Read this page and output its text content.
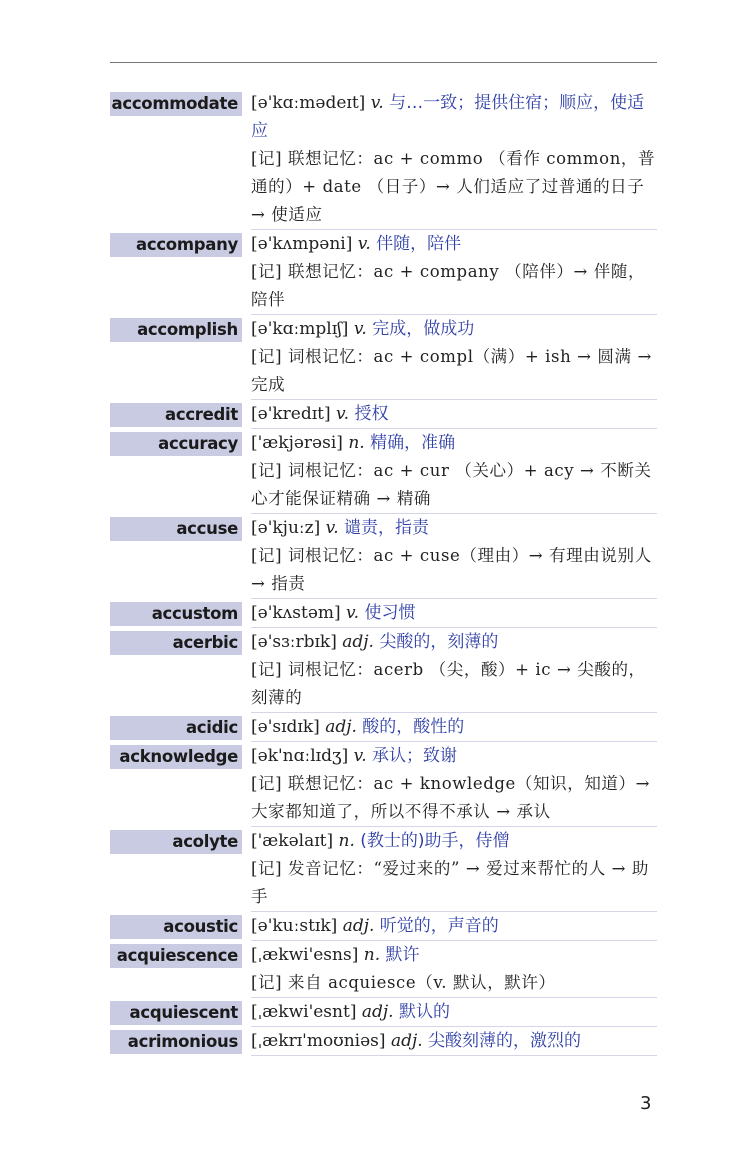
accommodate [ə'kɑːmədeɪt] v. 与…一致；提供住宿；顺应，使适应
[记] 联想记忆：ac + commo （看作 common，普通的）+ date （日子）→ 人们适应了过普通的日子 → 使适应
accompany [ə'kʌmpəni] v. 伴随，陪伴
[记] 联想记忆：ac + company （陪伴）→ 伴随，陪伴
accomplish [ə'kɑːmplɪʃ] v. 完成，做成功
[记] 词根记忆：ac + compl（满）+ ish → 圆满 → 完成
accredit [ə'kredɪt] v. 授权
accuracy ['ækjərəsi] n. 精确，准确
[记] 词根记忆：ac + cur （关心）+ acy → 不断关心才能保证精确 → 精确
accuse [ə'kjuːz] v. 谴责，指责
[记] 词根记忆：ac + cuse（理由）→ 有理由说别人 → 指责
accustom [ə'kʌstəm] v. 使习惯
acerbic [ə'sɜːrbɪk] adj. 尖酸的，刻薄的
[记] 词根记忆：acerb （尖，酸）+ ic → 尖酸的，刻薄的
acidic [ə'sɪdɪk] adj. 酸的，酸性的
acknowledge [ək'nɑːlɪdʒ] v. 承认；致谢
[记] 联想记忆：ac + knowledge（知识，知道）→ 大家都知道了，所以不得不承认 → 承认
acolyte ['ækəlaɪt] n. (教士的)助手，侍僧
[记] 发音记忆：“爱过来的” → 爱过来帮忙的人 → 助手
acoustic [ə'kuːstɪk] adj. 听觉的，声音的
acquiescence [ˌækwi'esns] n. 默许
[记] 来自 acquiesce（v. 默认，默许）
acquiescent [ˌækwi'esnt] adj. 默认的
acrimonious [ˌækrɪ'moʊniəs] adj. 尖酸刻薄的，激烈的
3
